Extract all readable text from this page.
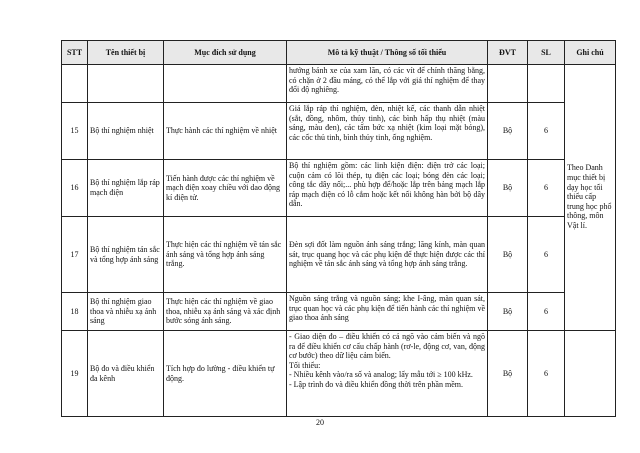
STT	Tên thiết bị	Mục đích sử dụng	Mô tả kỹ thuật / Thông số tối thiểu	ĐVT	SL	Ghi chú
			hướng bánh xe của xam lăn, có các vít để chỉnh thăng bằng, có chặn ở 2 đầu máng, có thể lắp với giá thí nghiệm để thay đổi độ nghiêng.			Theo Danh mục thiết bị dạy học tối thiểu cấp trung học phổ thông, môn Vật lí.

15	Bộ thí nghiệm nhiệt	Thực hành các thí nghiệm về nhiệt	Giá lắp ráp thí nghiệm, đèn, nhiệt kế, các thanh dẫn nhiệt (sắt, đồng, nhôm, thủy tinh), các bình hấp thụ nhiệt (màu sáng, màu đen), các tấm bức xạ nhiệt (kim loại mặt bóng), các cốc thủ tinh, bình thủy tinh, ống nghiệm.	Bộ	6	
16	Bộ thí nghiệm lắp ráp mạch điện	Tiến hành được các thí nghiệm về mạch điện xoay chiều với dao động kí điện tử.	Bộ thí nghiệm gồm: các linh kiện điện: điện trở các loại; cuộn cảm có lõi thép, tụ điện các loại; bóng đèn các loại; công tắc dây nối;... phù hợp để/hoặc lắp trên bảng mạch lắp ráp mạch điện có lỗ cắm hoặc kết nối không hàn bởi bộ dây dẫn.	Bộ	6	
17	Bộ thí nghiệm tán sắc và tổng hợp ánh sáng	Thực hiện các thí nghiệm về tán sắc ánh sáng và tổng hợp ánh sáng trắng.	Đèn sợi đốt làm nguồn ánh sáng trắng; lăng kính, màn quan sát, trục quang học và các phụ kiện để thực hiện được các thí nghiệm về tán sắc ánh sáng và tổng hợp ánh sáng trắng.	Bộ	6	
18	Bộ thí nghiệm giao thoa và nhiễu xạ ánh sáng	Thực hiện các thí nghiệm về giao thoa, nhiễu xạ ánh sáng và xác định bước sóng ánh sáng.	Nguồn sáng trắng và nguồn sáng; khe I-âng, màn quan sát, trục quan học và các phụ kiện để tiến hành các thí nghiệm về giao thoa ánh sáng	Bộ	6	
19	Bộ đo và điều khiển đa kênh	Tích hợp đo lường - điều khiển tự động.	- Giao diện đo – điều khiển có cả ngõ vào cảm biến và ngõ ra để điều khiển cơ cấu chấp hành (rơ-le, động cơ, van, động cơ bước) theo dữ liệu cảm biến.
Tối thiểu:
- Nhiều kênh vào/ra số và analog; lấy mẫu tới ≥ 100 kHz.
- Lập trình đo và điều khiển đồng thời trên phần mềm.	Bộ	6	
20
